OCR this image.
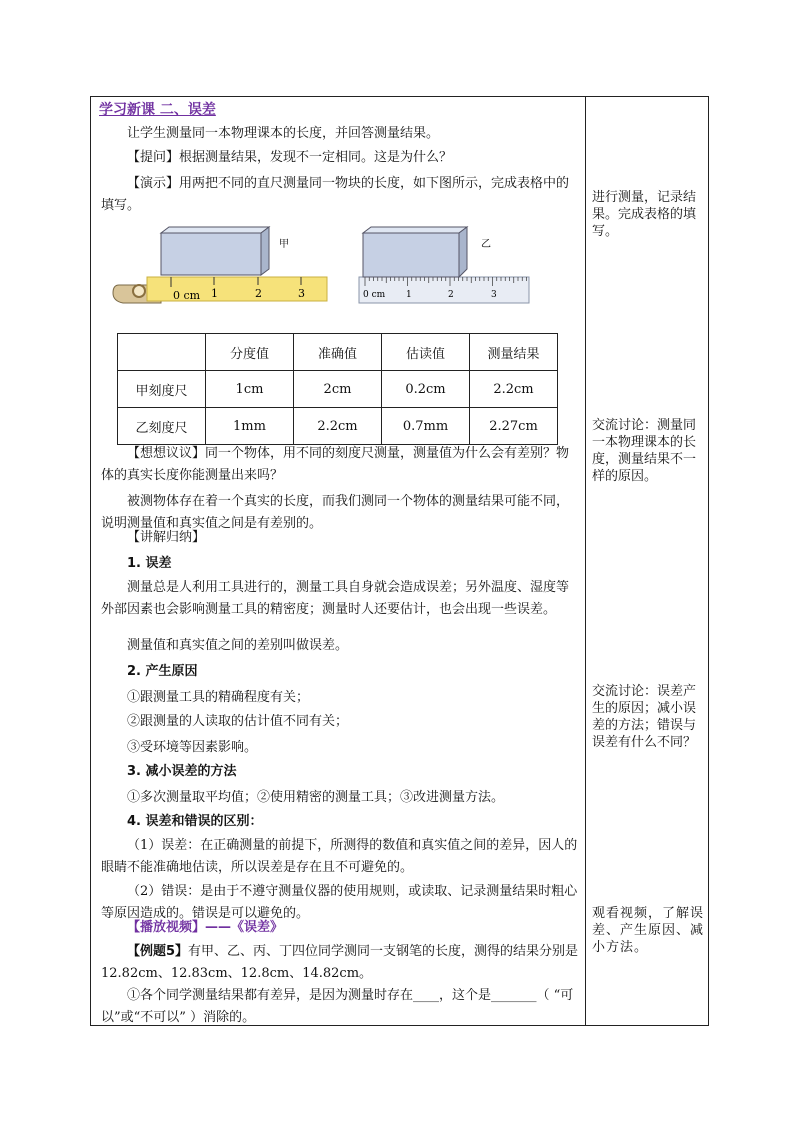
学习新课 二、误差

让学生测量同一本物理课本的长度，并回答测量结果。

【提问】根据测量结果，发现不一定相同。这是为什么？

【演示】用两把不同的直尺测量同一物块的长度，如下图所示，完成表格中的填写。

0 cm 1	2	3
甲
0 cm 1	2	3
乙
	分度值	准确值	估读值	测量结果
甲刻度尺	1cm	2cm	0.2cm	2.2cm
乙刻度尺	1mm	2.2cm	0.7mm	2.27cm

【想想议议】同一个物体，用不同的刻度尺测量，测量值为什么会有差别？物体的真实长度你能测量出来吗？

被测物体存在着一个真实的长度，而我们测同一个物体的测量结果可能不同，说明测量值和真实值之间是有差别的。

【讲解归纳】

1. 误差

测量总是人利用工具进行的，测量工具自身就会造成误差；另外温度、湿度等外部因素也会影响测量工具的精密度；测量时人还要估计，也会出现一些误差。

测量值和真实值之间的差别叫做误差。

2. 产生原因

①跟测量工具的精确程度有关；

②跟测量的人读取的估计值不同有关；

③受环境等因素影响。

3. 减小误差的方法

①多次测量取平均值；②使用精密的测量工具；③改进测量方法。

4. 误差和错误的区别：

（1）误差：在正确测量的前提下，所测得的数值和真实值之间的差异，因人的眼睛不能准确地估读，所以误差是存在且不可避免的。

（2）错误：是由于不遵守测量仪器的使用规则，或读取、记录测量结果时粗心等原因造成的。错误是可以避免的。

【播放视频】——《误差》

【例题5】有甲、乙、丙、丁四位同学测同一支钢笔的长度，测得的结果分别是 12.82cm、12.83cm、12.8cm、14.82cm。

①各个同学测量结果都有差异，是因为测量时存在____，这个是_______（ “可以”或“不可以” ）消除的。

进行测量，记录结果。完成表格的填写。
交流讨论：测量同一本物理课本的长度，测量结果不一样的原因。
交流讨论：误差产生的原因；减小误差的方法；错误与误差有什么不同？
观看视频，了解误差、产生原因、减小方法。
